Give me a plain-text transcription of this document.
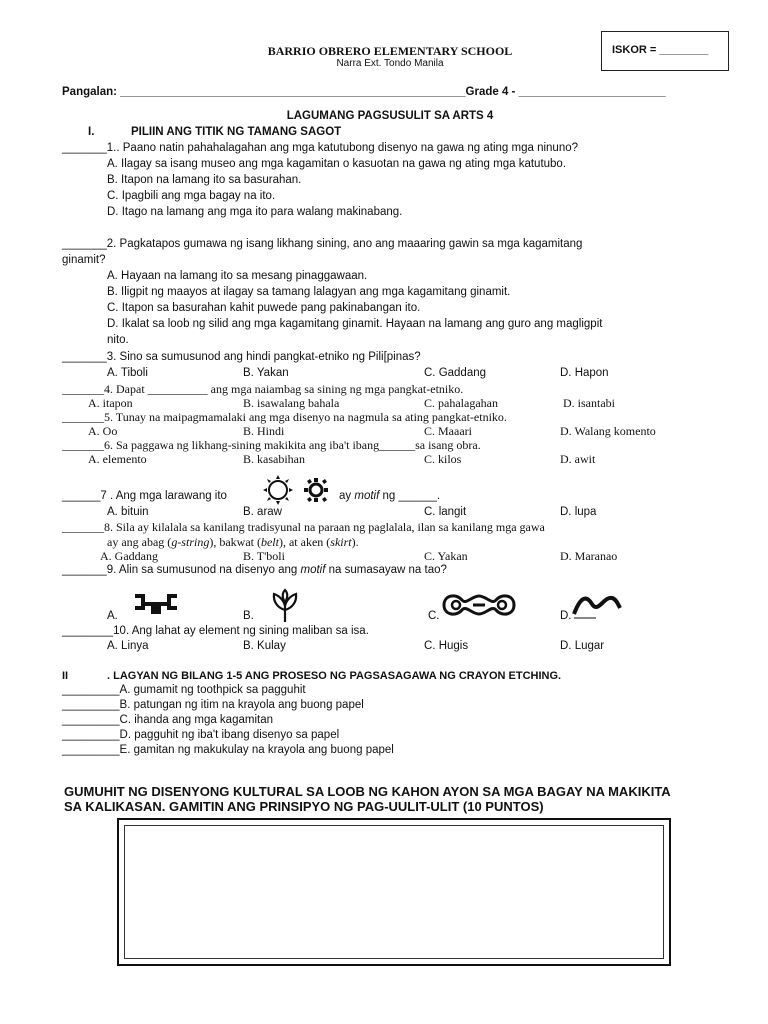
BARRIO OBRERO ELEMENTARY SCHOOL
Narra Ext. Tondo Manila
ISKOR = ________
Pangalan: ______________________________________________________Grade 4 - _______________________
LAGUMANG PAGSUSULIT SA ARTS 4
I.	PILIIN ANG TITIK NG TAMANG SAGOT
_______1.. Paano natin pahahalagahan ang mga katutubong disenyo na gawa ng ating mga ninuno?
A. Ilagay sa isang museo ang mga kagamitan o kasuotan na gawa ng ating mga katutubo.
B. Itapon na lamang ito sa basurahan.
C. Ipagbili ang mga bagay na ito.
D. Itago na lamang ang mga ito para walang makinabang.
_______2. Pagkatapos gumawa ng isang likhang sining, ano ang maaaring gawin sa mga kagamitang
ginamit?
A. Hayaan na lamang ito sa mesang pinaggawaan.
B. Iligpit ng maayos at ilagay sa tamang lalagyan ang mga kagamitang ginamit.
C. Itapon sa basurahan kahit puwede pang pakinabangan ito.
D. Ikalat sa loob ng silid ang mga kagamitang ginamit. Hayaan na lamang ang guro ang magligpit
nito.
_______3. Sino sa sumusunod ang hindi pangkat-etniko ng Pili[pinas?
A. Tiboli	B. Yakan	C. Gaddang	D. Hapon
_______4. Dapat __________ ang mga naiambag sa sining ng mga pangkat-etniko.
A. itapon	B. isawalang bahala	C. pahalagahan	D. isantabi
_______5. Tunay na maipagmamalaki ang mga disenyo na nagmula sa ating pangkat-etniko.
A. Oo	B. Hindi	C. Maaari	D. Walang komento
_______6. Sa paggawa ng likhang-sining makikita ang iba't ibang______sa isang obra.
A. elemento	B. kasabihan	C. kilos	D. awit
______7 . Ang mga larawang ito	ay motif ng ______.
A. bituin	B. araw	C. langit	D. lupa
_______8. Sila ay kilalala sa kanilang tradisyunal na paraan ng paglalala, ilan sa kanilang mga gawa
ay ang abag (g-string), bakwat (belt), at aken (skirt).
A. Gaddang	B. T'boli	C. Yakan	D. Maranao
_______9. Alin sa sumusunod na disenyo ang motif na sumasayaw na tao?
A.	B.	C.	D.
________10. Ang lahat ay element ng sining maliban sa isa.
A. Linya	B. Kulay	C. Hugis	D. Lugar
II	. LAGYAN NG BILANG 1-5 ANG PROSESO NG PAGSASAGAWA NG CRAYON ETCHING.
_________A. gumamit ng toothpick sa pagguhit
_________B. patungan ng itim na krayola ang buong papel
_________C. ihanda ang mga kagamitan
_________D. pagguhit ng iba't ibang disenyo sa papel
_________E. gamitan ng makukulay na krayola ang buong papel
GUMUHIT NG DISENYONG KULTURAL SA LOOB NG KAHON AYON SA MGA BAGAY NA MAKIKITA
SA KALIKASAN. GAMITIN ANG PRINSIPYO NG PAG-UULIT-ULIT (10 PUNTOS)
